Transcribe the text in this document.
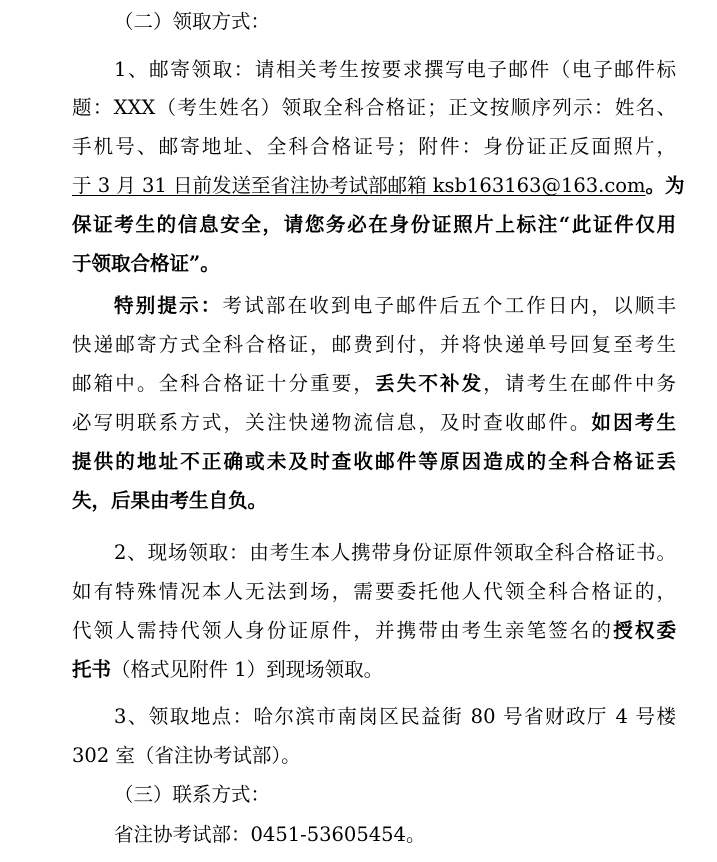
（二）领取方式：
1、邮寄领取：请相关考生按要求撰写电子邮件（电子邮件标
题：XXX（考生姓名）领取全科合格证；正文按顺序列示：姓名、
手机号、邮寄地址、全科合格证号；附件：身份证正反面照片，
于 3 月 31 日前发送至省注协考试部邮箱 ksb163163@163.com。为
保证考生的信息安全，请您务必在身份证照片上标注“此证件仅用
于领取合格证”。
特别提示：考试部在收到电子邮件后五个工作日内，以顺丰
快递邮寄方式全科合格证，邮费到付，并将快递单号回复至考生
邮箱中。全科合格证十分重要，丢失不补发，请考生在邮件中务
必写明联系方式，关注快递物流信息，及时查收邮件。如因考生
提供的地址不正确或未及时查收邮件等原因造成的全科合格证丢
失，后果由考生自负。
2、现场领取：由考生本人携带身份证原件领取全科合格证书。
如有特殊情况本人无法到场，需要委托他人代领全科合格证的，
代领人需持代领人身份证原件，并携带由考生亲笔签名的授权委
托书（格式见附件 1）到现场领取。
3、领取地点：哈尔滨市南岗区民益街 80 号省财政厅 4 号楼
302 室（省注协考试部）。
（三）联系方式：
省注协考试部：0451-53605454。
